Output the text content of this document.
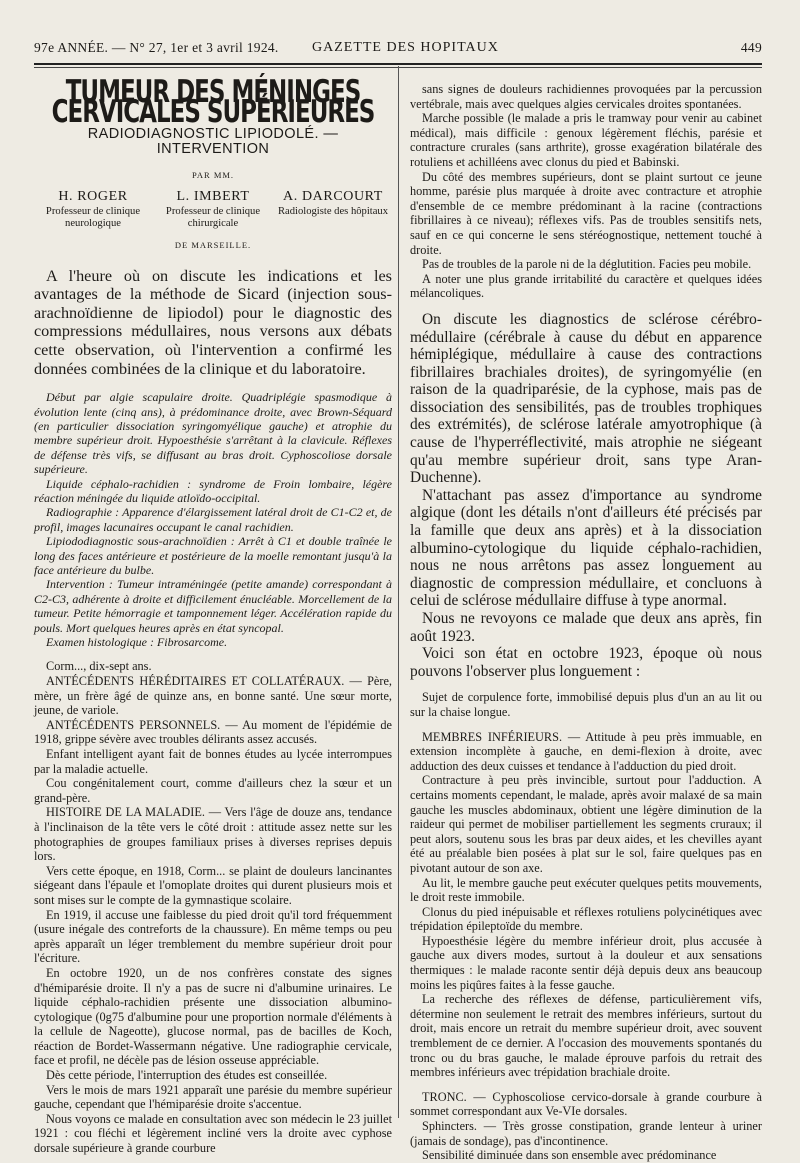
97e ANNÉE. — N° 27, 1er et 3 avril 1924. GAZETTE DES HOPITAUX	449
TUMEUR DES MÉNINGES CERVICALES SUPÉRIEURES
RADIODIAGNOSTIC LIPIODOLÉ. — INTERVENTION
PAR MM.
H. ROGER
Professeur de clinique neurologique
L. IMBERT
Professeur de clinique chirurgicale
A. DARCOURT
Radiologiste des hôpitaux
DE MARSEILLE.

A l'heure où on discute les indications et les avantages de la méthode de Sicard (injection sous-arachnoïdienne de lipiodol) pour le diagnostic des compressions médullaires, nous versons aux débats cette observation, où l'intervention a confirmé les données combinées de la clinique et du laboratoire.

Début par algie scapulaire droite. Quadriplégie spasmodique à évolution lente (cinq ans), à prédominance droite, avec Brown-Séquard (en particulier dissociation syringomyélique gauche) et atrophie du membre supérieur droit. Hypoesthésie s'arrêtant à la clavicule. Réflexes de défense très vifs, se diffusant au bras droit. Cyphoscoliose dorsale supérieure.

Liquide céphalo-rachidien : syndrome de Froin lombaire, légère réaction méningée du liquide atloïdo-occipital.

Radiographie : Apparence d'élargissement latéral droit de C1-C2 et, de profil, images lacunaires occupant le canal rachidien.

Lipiododiagnostic sous-arachnoïdien : Arrêt à C1 et double traînée le long des faces antérieure et postérieure de la moelle remontant jusqu'à la face antérieure du bulbe.

Intervention : Tumeur intraméningée (petite amande) correspondant à C2-C3, adhérente à droite et difficilement énucléable. Morcellement de la tumeur. Petite hémorragie et tamponnement léger. Accélération rapide du pouls. Mort quelques heures après en état syncopal.

Examen histologique : Fibrosarcome.

Corm..., dix-sept ans.

ANTÉCÉDENTS HÉRÉDITAIRES ET COLLATÉRAUX. — Père, mère, un frère âgé de quinze ans, en bonne santé. Une sœur morte, jeune, de variole.

ANTÉCÉDENTS PERSONNELS. — Au moment de l'épidémie de 1918, grippe sévère avec troubles délirants assez accusés.

Enfant intelligent ayant fait de bonnes études au lycée interrompues par la maladie actuelle.

Cou congénitalement court, comme d'ailleurs chez la sœur et un grand-père.

HISTOIRE DE LA MALADIE. — Vers l'âge de douze ans, tendance à l'inclinaison de la tête vers le côté droit : attitude assez nette sur les photographies de groupes familiaux prises à diverses reprises depuis lors.

Vers cette époque, en 1918, Corm... se plaint de douleurs lancinantes siégeant dans l'épaule et l'omoplate droites qui durent plusieurs mois et sont mises sur le compte de la gymnastique scolaire.

En 1919, il accuse une faiblesse du pied droit qu'il tord fréquemment (usure inégale des contreforts de la chaussure). En même temps ou peu après apparaît un léger tremblement du membre supérieur droit pour l'écriture.

En octobre 1920, un de nos confrères constate des signes d'hémiparésie droite. Il n'y a pas de sucre ni d'albumine urinaires. Le liquide céphalo-rachidien présente une dissociation albumino-cytologique (0g75 d'albumine pour une proportion normale d'éléments à la cellule de Nageotte), glucose normal, pas de bacilles de Koch, réaction de Bordet-Wassermann négative. Une radiographie cervicale, face et profil, ne décèle pas de lésion osseuse appréciable.

Dès cette période, l'interruption des études est conseillée.

Vers le mois de mars 1921 apparaît une parésie du membre supérieur gauche, cependant que l'hémiparésie droite s'accentue.

Nous voyons ce malade en consultation avec son médecin le 23 juillet 1921 : cou fléchi et légèrement incliné vers la droite avec cyphose dorsale supérieure à grande courbure

sans signes de douleurs rachidiennes provoquées par la percussion vertébrale, mais avec quelques algies cervicales droites spontanées.

Marche possible (le malade a pris le tramway pour venir au cabinet médical), mais difficile : genoux légèrement fléchis, parésie et contracture crurales (sans arthrite), grosse exagération bilatérale des rotuliens et achilléens avec clonus du pied et Babinski.

Du côté des membres supérieurs, dont se plaint surtout ce jeune homme, parésie plus marquée à droite avec contracture et atrophie d'ensemble de ce membre prédominant à la racine (contractions fibrillaires à ce niveau); réflexes vifs. Pas de troubles sensitifs nets, sauf en ce qui concerne le sens stéréognostique, nettement touché à droite.

Pas de troubles de la parole ni de la déglutition. Facies peu mobile.

A noter une plus grande irritabilité du caractère et quelques idées mélancoliques.

On discute les diagnostics de sclérose cérébro-médullaire (cérébrale à cause du début en apparence hémiplégique, médullaire à cause des contractions fibrillaires brachiales droites), de syringomyélie (en raison de la quadriparésie, de la cyphose, mais pas de dissociation des sensibilités, pas de troubles trophiques des extrémités), de sclérose latérale amyotrophique (à cause de l'hyperréflectivité, mais atrophie ne siégeant qu'au membre supérieur droit, sans type Aran-Duchenne).

N'attachant pas assez d'importance au syndrome algique (dont les détails n'ont d'ailleurs été précisés par la famille que deux ans après) et à la dissociation albumino-cytologique du liquide céphalo-rachidien, nous ne nous arrêtons pas assez longuement au diagnostic de compression médullaire, et concluons à celui de sclérose médullaire diffuse à type anormal.

Nous ne revoyons ce malade que deux ans après, fin août 1923.

Voici son état en octobre 1923, époque où nous pouvons l'observer plus longuement :

Sujet de corpulence forte, immobilisé depuis plus d'un an au lit ou sur la chaise longue.

MEMBRES INFÉRIEURS. — Attitude à peu près immuable, en extension incomplète à gauche, en demi-flexion à droite, avec adduction des deux cuisses et tendance à l'adduction du pied droit.

Contracture à peu près invincible, surtout pour l'adduction. A certains moments cependant, le malade, après avoir malaxé de sa main gauche les muscles abdominaux, obtient une légère diminution de la raideur qui permet de mobiliser partiellement les segments cruraux; il peut alors, soutenu sous les bras par deux aides, et les chevilles ayant été au préalable bien posées à plat sur le sol, faire quelques pas en pivotant autour de son axe.

Au lit, le membre gauche peut exécuter quelques petits mouvements, le droit reste immobile.

Clonus du pied inépuisable et réflexes rotuliens polycinétiques avec trépidation épileptoïde du membre.

Hypoesthésie légère du membre inférieur droit, plus accusée à gauche aux divers modes, surtout à la douleur et aux sensations thermiques : le malade raconte sentir déjà depuis deux ans beaucoup moins les piqûres faites à la fesse gauche.

La recherche des réflexes de défense, particulièrement vifs, détermine non seulement le retrait des membres inférieurs, surtout du droit, mais encore un retrait du membre supérieur droit, avec souvent tremblement de ce dernier. A l'occasion des mouvements spontanés du tronc ou du bras gauche, le malade éprouve parfois du retrait des membres inférieurs avec trépidation brachiale droite.

TRONC. — Cyphoscoliose cervico-dorsale à grande courbure à sommet correspondant aux Ve-VIe dorsales.

Sphincters. — Très grosse constipation, grande lenteur à uriner (jamais de sondage), pas d'incontinence.

Sensibilité diminuée dans son ensemble avec prédominance
